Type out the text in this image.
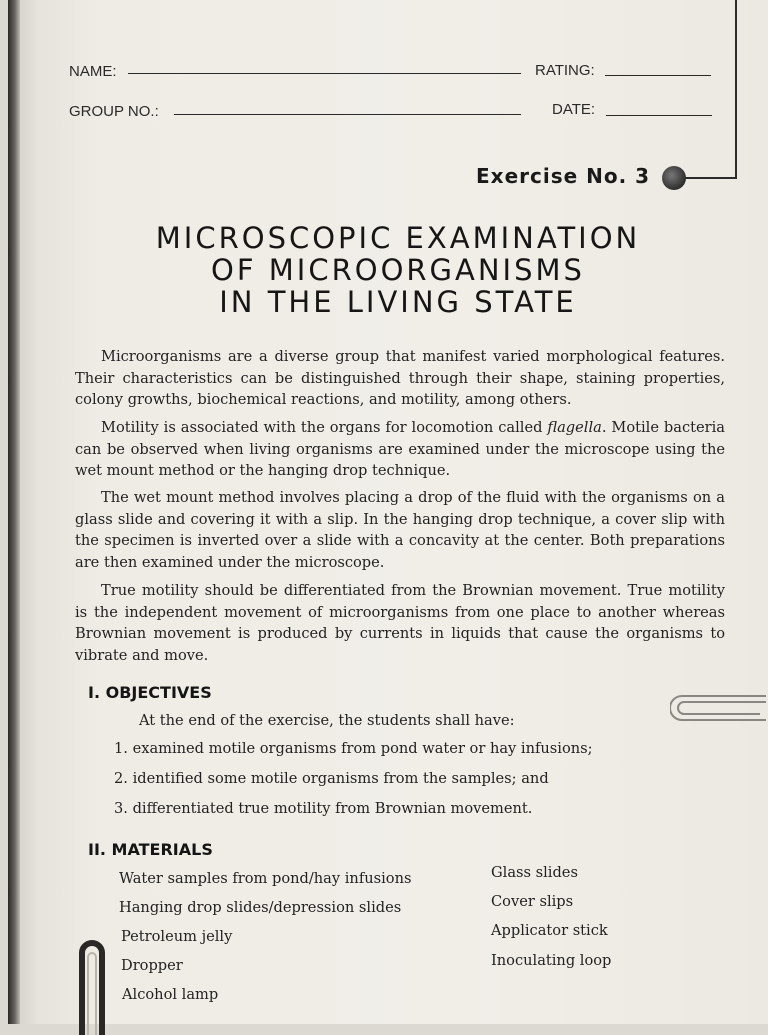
NAME:	RATING:
GROUP NO.:	DATE:
Exercise No. 3
MICROSCOPIC EXAMINATION
OF MICROORGANISMS
IN THE LIVING STATE
Microorganisms are a diverse group that manifest varied morphological features. Their characteristics can be distinguished through their shape, staining properties, colony growths, biochemical reactions, and motility, among others.
Motility is associated with the organs for locomotion called flagella. Motile bacteria can be observed when living organisms are examined under the microscope using the wet mount method or the hanging drop technique.
The wet mount method involves placing a drop of the fluid with the organisms on a glass slide and covering it with a slip. In the hanging drop technique, a cover slip with the specimen is inverted over a slide with a concavity at the center. Both preparations are then examined under the microscope.
True motility should be differentiated from the Brownian movement. True motility is the independent movement of microorganisms from one place to another whereas Brownian movement is produced by currents in liquids that cause the organisms to vibrate and move.
I. OBJECTIVES
At the end of the exercise, the students shall have:
1. examined motile organisms from pond water or hay infusions;
2. identified some motile organisms from the samples; and
3. differentiated true motility from Brownian movement.
II. MATERIALS
Water samples from pond/hay infusions
Hanging drop slides/depression slides
Petroleum jelly
Dropper
Alcohol lamp
Glass slides
Cover slips
Applicator stick
Inoculating loop
